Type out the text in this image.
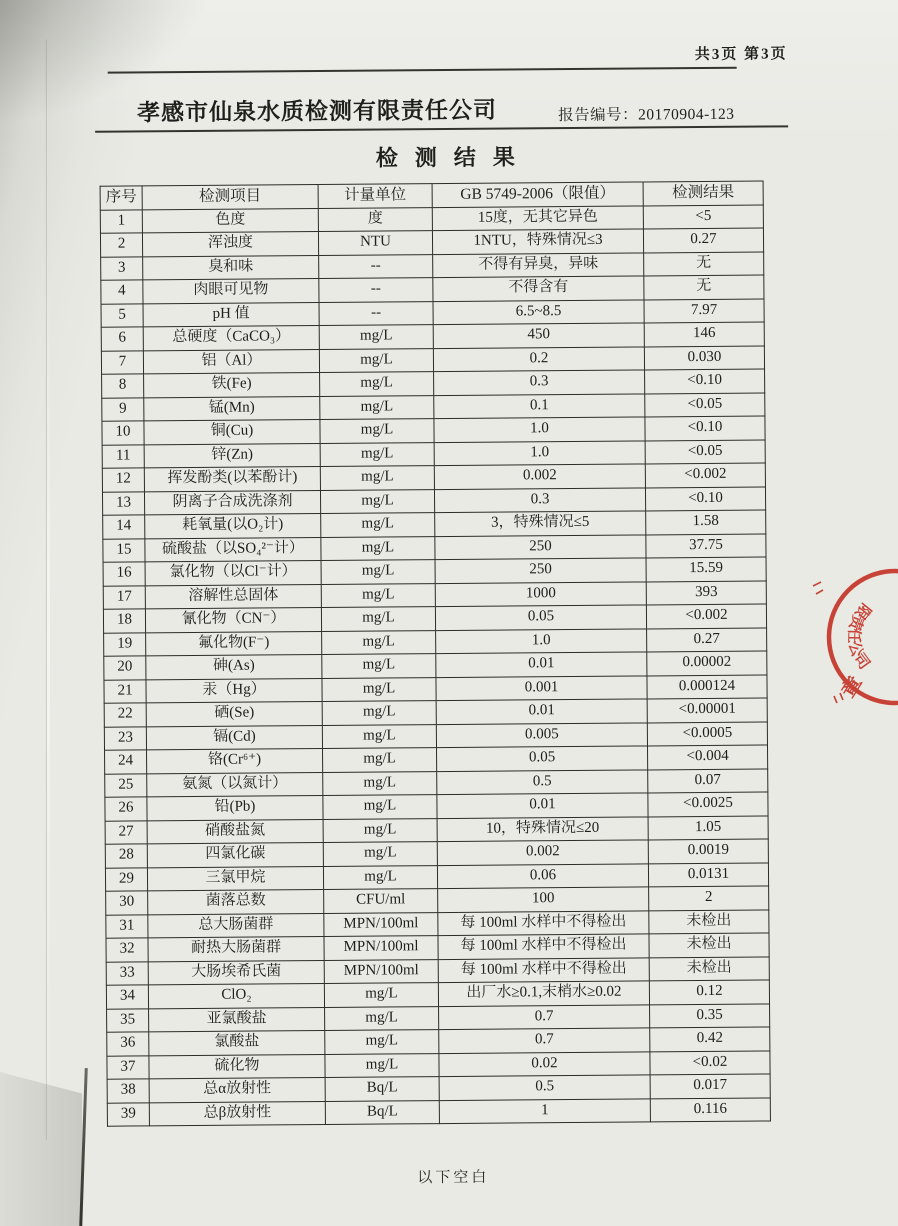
共3页 第3页
孝感市仙泉水质检测有限责任公司	报告编号：20170904-123
检测结果
序号	检测项目	计量单位	GB 5749-2006（限值）	检测结果
1	色度	度	15度，无其它异色	<5
2	浑浊度	NTU	1NTU，特殊情况≤3	0.27
3	臭和味	--	不得有异臭，异味	无
4	肉眼可见物	--	不得含有	无
5	pH 值	--	6.5~8.5	7.97
6	总硬度（CaCO₃）	mg/L	450	146
7	铝（Al）	mg/L	0.2	0.030
8	铁(Fe)	mg/L	0.3	<0.10
9	锰(Mn)	mg/L	0.1	<0.05
10	铜(Cu)	mg/L	1.0	<0.10
11	锌(Zn)	mg/L	1.0	<0.05
12	挥发酚类(以苯酚计)	mg/L	0.002	<0.002
13	阴离子合成洗涤剂	mg/L	0.3	<0.10
14	耗氧量(以O₂计)	mg/L	3，特殊情况≤5	1.58
15	硫酸盐（以SO₄²⁻计）	mg/L	250	37.75
16	氯化物（以Cl⁻计）	mg/L	250	15.59
17	溶解性总固体	mg/L	1000	393
18	氰化物（CN⁻）	mg/L	0.05	<0.002
19	氟化物(F⁻)	mg/L	1.0	0.27
20	砷(As)	mg/L	0.01	0.00002
21	汞（Hg）	mg/L	0.001	0.000124
22	硒(Se)	mg/L	0.01	<0.00001
23	镉(Cd)	mg/L	0.005	<0.0005
24	铬(Cr⁶⁺)	mg/L	0.05	<0.004
25	氨氮（以氮计）	mg/L	0.5	0.07
26	铅(Pb)	mg/L	0.01	<0.0025
27	硝酸盐氮	mg/L	10，特殊情况≤20	1.05
28	四氯化碳	mg/L	0.002	0.0019
29	三氯甲烷	mg/L	0.06	0.0131
30	菌落总数	CFU/ml	100	2
31	总大肠菌群	MPN/100ml	每 100ml 水样中不得检出	未检出
32	耐热大肠菌群	MPN/100ml	每 100ml 水样中不得检出	未检出
33	大肠埃希氏菌	MPN/100ml	每 100ml 水样中不得检出	未检出
34	ClO₂	mg/L	出厂水≥0.1,末梢水≥0.02	0.12
35	亚氯酸盐	mg/L	0.7	0.35
36	氯酸盐	mg/L	0.7	0.42
37	硫化物	mg/L	0.02	<0.02
38	总α放射性	Bq/L	0.5	0.017
39	总β放射性	Bq/L	1	0.116
以下空白
限责任公司
章
